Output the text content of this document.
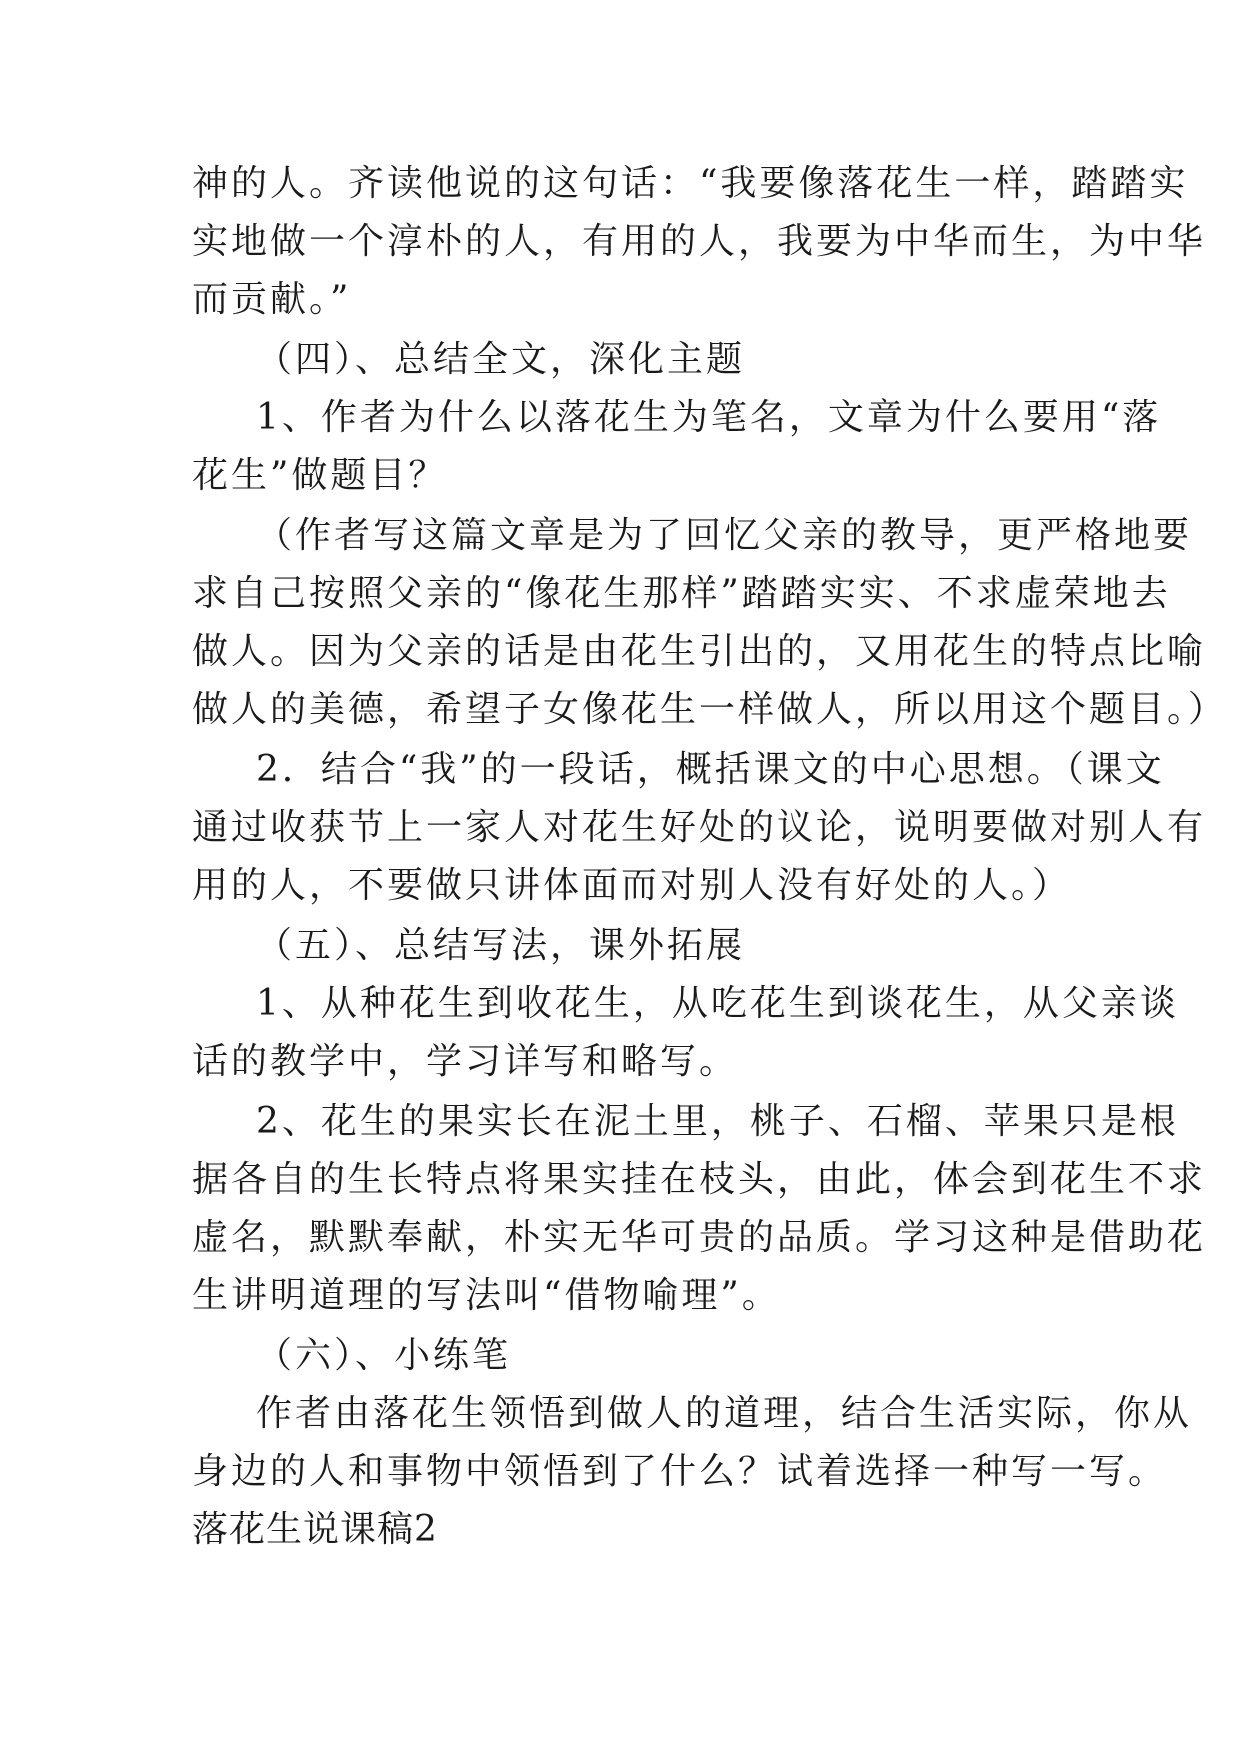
神的人。齐读他说的这句话：“我要像落花生一样，踏踏实
实地做一个淳朴的人，有用的人，我要为中华而生，为中华
而贡献。”
（四）、总结全文，深化主题
1、作者为什么以落花生为笔名，文章为什么要用“落
花生”做题目？
（作者写这篇文章是为了回忆父亲的教导，更严格地要
求自己按照父亲的“像花生那样”踏踏实实、不求虚荣地去
做人。因为父亲的话是由花生引出的，又用花生的特点比喻
做人的美德，希望子女像花生一样做人，所以用这个题目。）
2．结合“我”的一段话，概括课文的中心思想。（课文
通过收获节上一家人对花生好处的议论，说明要做对别人有
用的人，不要做只讲体面而对别人没有好处的人。）
（五）、总结写法，课外拓展
1、从种花生到收花生，从吃花生到谈花生，从父亲谈
话的教学中，学习详写和略写。
2、花生的果实长在泥土里，桃子、石榴、苹果只是根
据各自的生长特点将果实挂在枝头，由此，体会到花生不求
虚名，默默奉献，朴实无华可贵的品质。学习这种是借助花
生讲明道理的写法叫“借物喻理”。
（六）、小练笔
作者由落花生领悟到做人的道理，结合生活实际，你从
身边的人和事物中领悟到了什么？试着选择一种写一写。
落花生说课稿2
